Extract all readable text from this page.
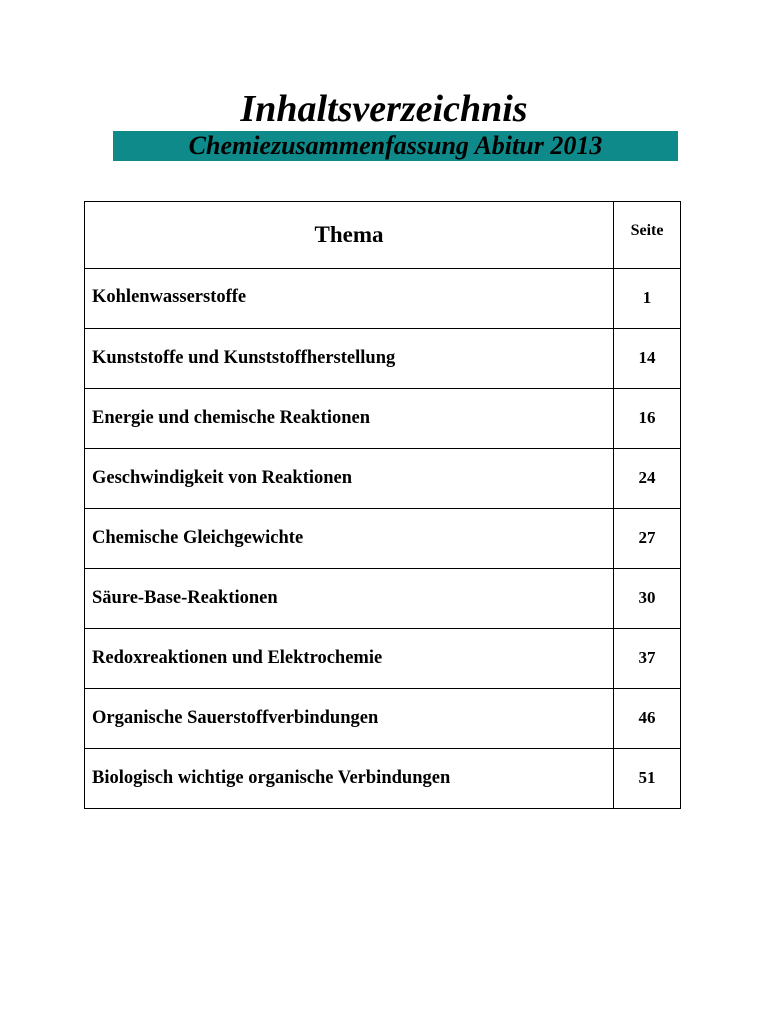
Inhaltsverzeichnis
Chemiezusammenfassung Abitur 2013
Thema	Seite
Kohlenwasserstoffe	1
Kunststoffe und Kunststoffherstellung	14
Energie und chemische Reaktionen	16
Geschwindigkeit von Reaktionen	24
Chemische Gleichgewichte	27
Säure-Base-Reaktionen	30
Redoxreaktionen und Elektrochemie	37
Organische Sauerstoffverbindungen	46
Biologisch wichtige organische Verbindungen	51
